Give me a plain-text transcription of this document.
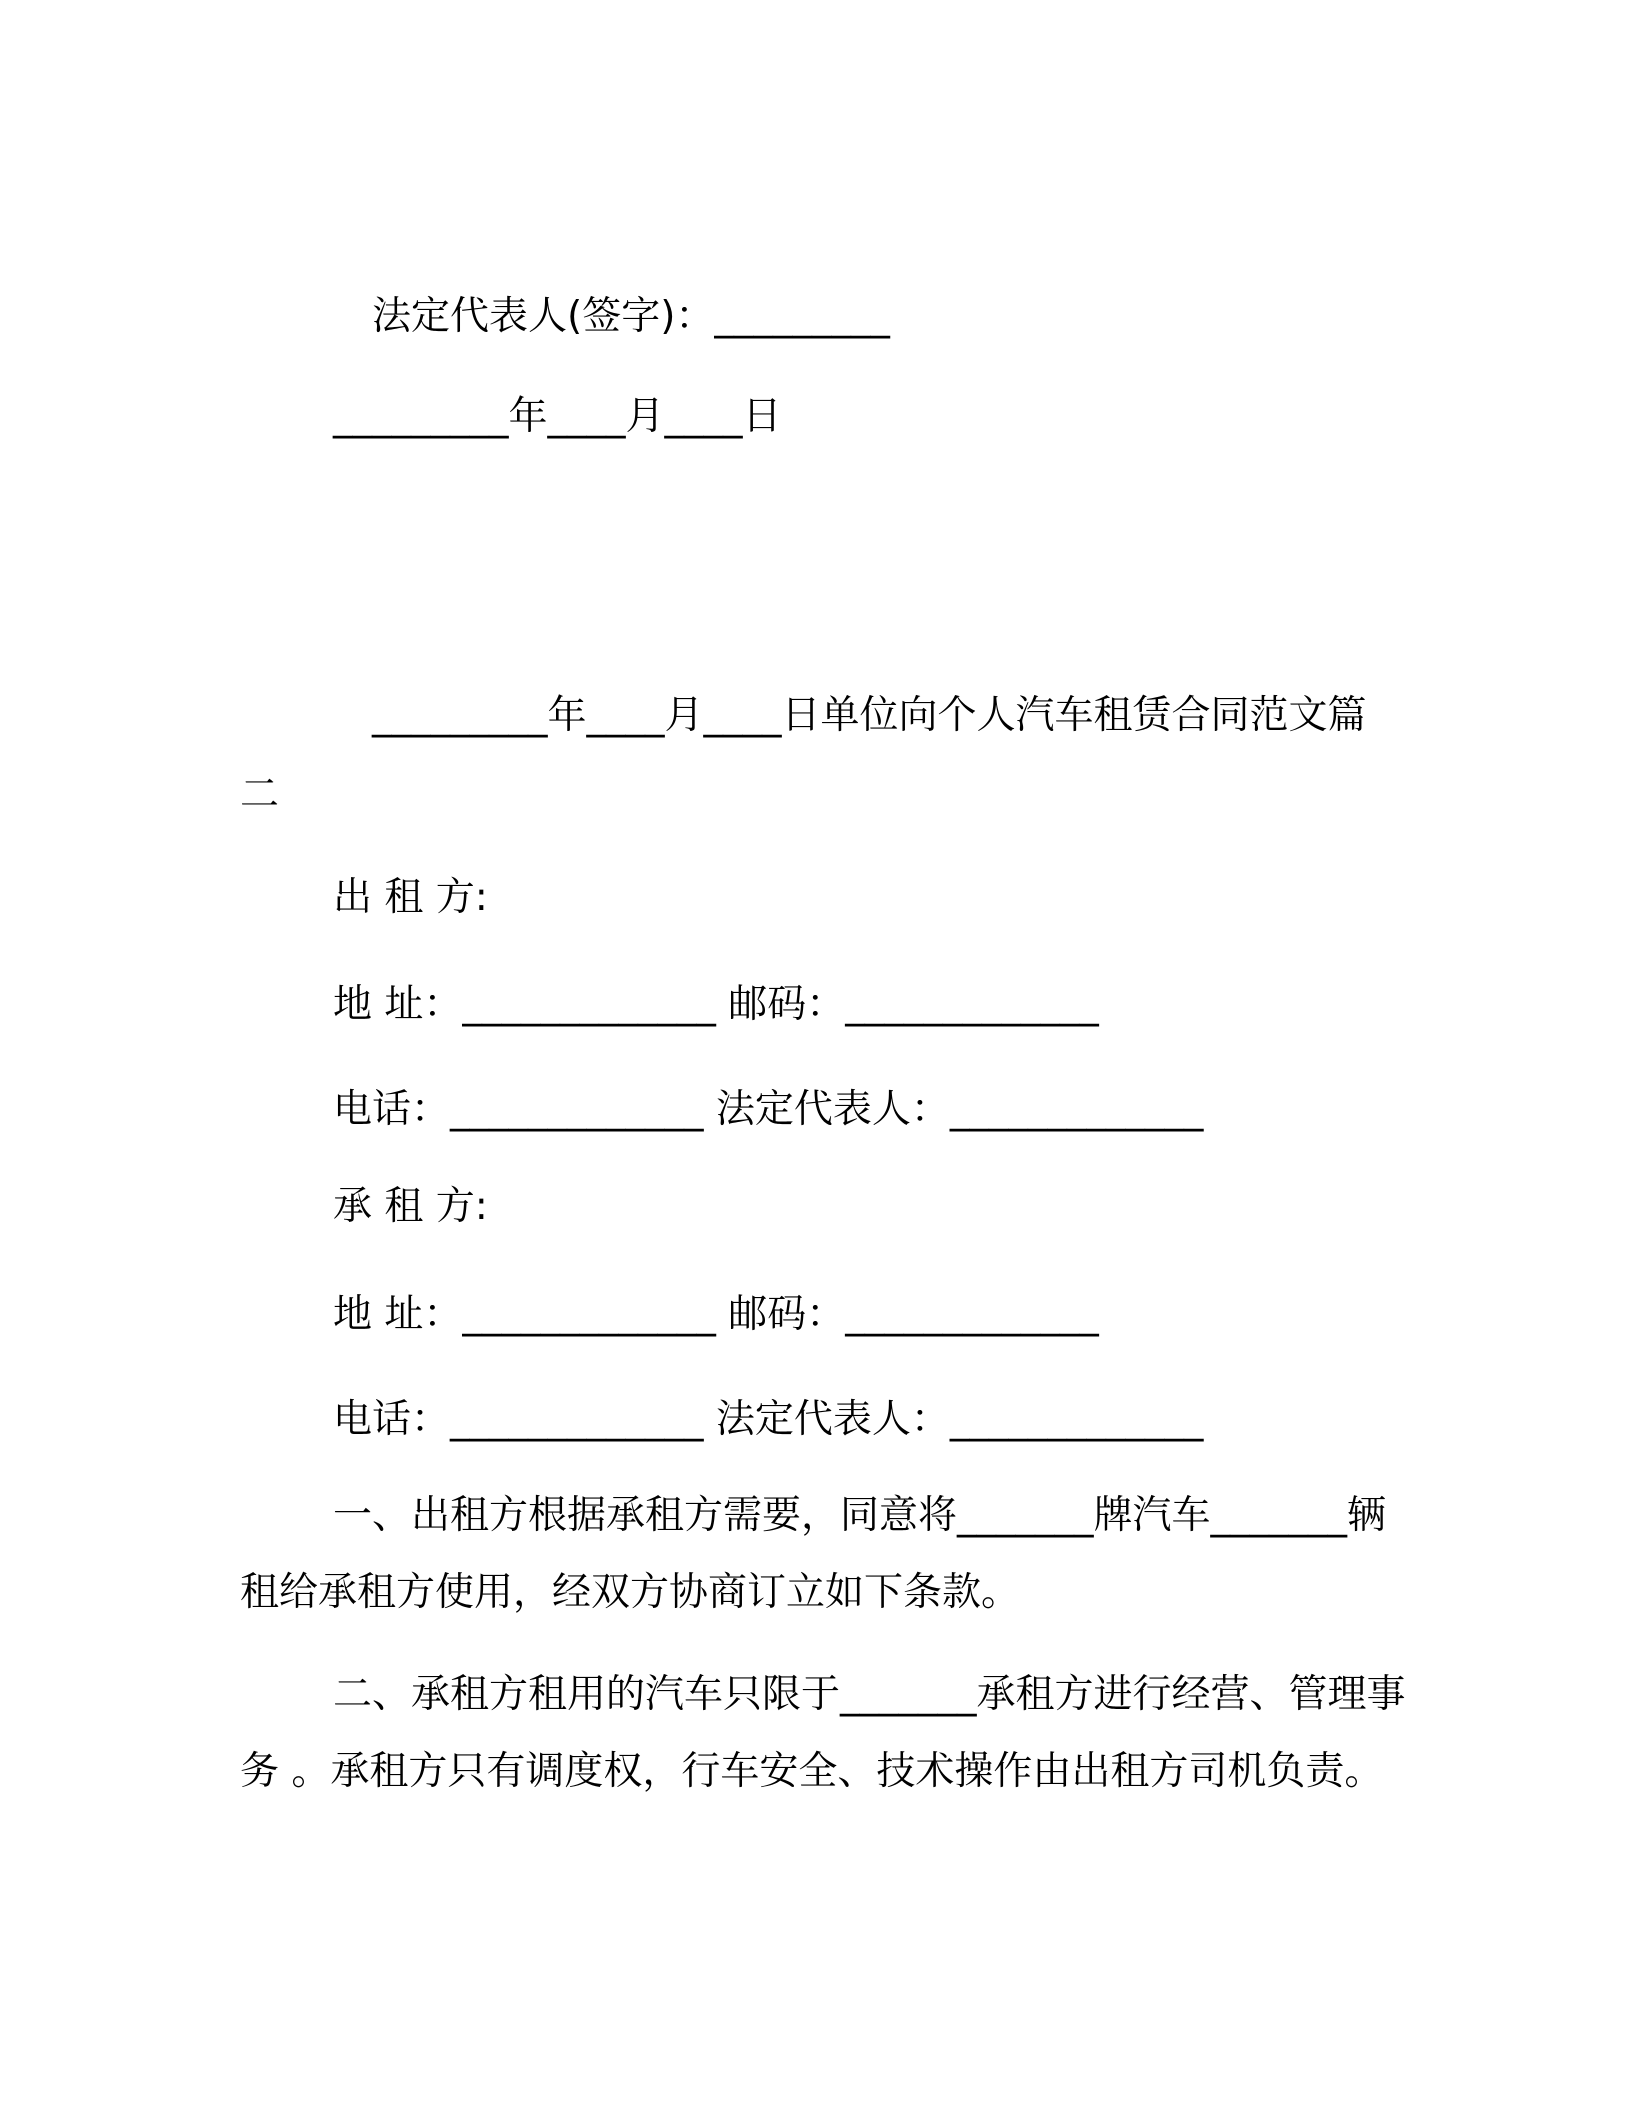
法定代表人(签字)：_________
_________年____月____日
_________年____月____日单位向个人汽车租赁合同范文篇
二
出 租 方:
地 址：_____________ 邮码：_____________
电话：_____________ 法定代表人：_____________
承 租 方:
地 址：_____________ 邮码：_____________
电话：_____________ 法定代表人：_____________
一、出租方根据承租方需要，同意将_______牌汽车_______辆
租给承租方使用，经双方协商订立如下条款。
二、承租方租用的汽车只限于_______承租方进行经营、管理事
务 。承租方只有调度权，行车安全、技术操作由出租方司机负责。
